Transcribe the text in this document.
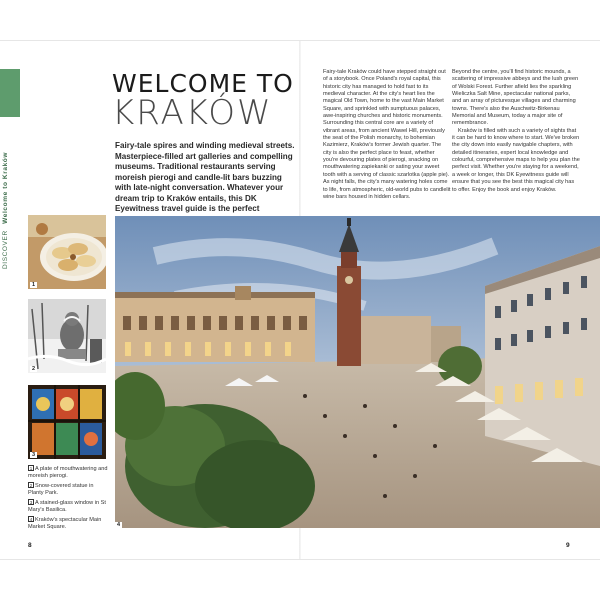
DISCOVER Welcome to Kraków
WELCOME TO
KRAKÓW

Fairy-tale spires and winding medieval streets. Masterpiece-filled art galleries and compelling museums. Traditional restaurants serving moreish pierogi and candle-lit bars buzzing with late-night conversation. Whatever your dream trip to Kraków entails, this DK Eyewitness travel guide is the perfect

Fairy-tale Kraków could have stepped straight out of a storybook. Once Poland's royal capital, this historic city has managed to hold fast to its medieval character. At the city's heart lies the magical Old Town, home to the vast Main Market Square, and sprinkled with sumptuous palaces, awe-inspiring churches and historic monuments. Surrounding this central core are a variety of vibrant areas, from ancient Wawel Hill, previously the seat of the Polish monarchy, to bohemian Kazimierz, Kraków's former Jewish quarter. The city is also the perfect place to feast, whether you're devouring plates of pierogi, snacking on mouthwatering zapiekanki or sating your sweet tooth with a serving of classic szarlotka (apple pie). As night falls, the city's many watering holes come to life, from atmospheric, old-world pubs to candlelit wine bars housed in hidden cellars.

Beyond the centre, you'll find historic mounds, a scattering of impressive abbeys and the lush green of Wolski Forest. Further afield lies the sparkling Wieliczka Salt Mine, spectacular national parks, and an array of picturesque villages and charming towns. There's also the Auschwitz-Birkenau Memorial and Museum, today a major site of remembrance.

Kraków is filled with such a variety of sights that it can be hard to know where to start. We've broken the city down into easily navigable chapters, with detailed itineraries, expert local knowledge and colourful, comprehensive maps to help you plan the perfect visit. Whether you're staying for a weekend, a week or longer, this DK Eyewitness guide will ensure that you see the best this magical city has to offer. Enjoy the book and enjoy Kraków.

1
2
3

1 A plate of mouthwatering and moreish pierogi.

2 Snow-covered statue in Planty Park.

3 A stained-glass window in St Mary's Basilica.

4 Kraków's spectacular Main Market Square.	4
8	9
